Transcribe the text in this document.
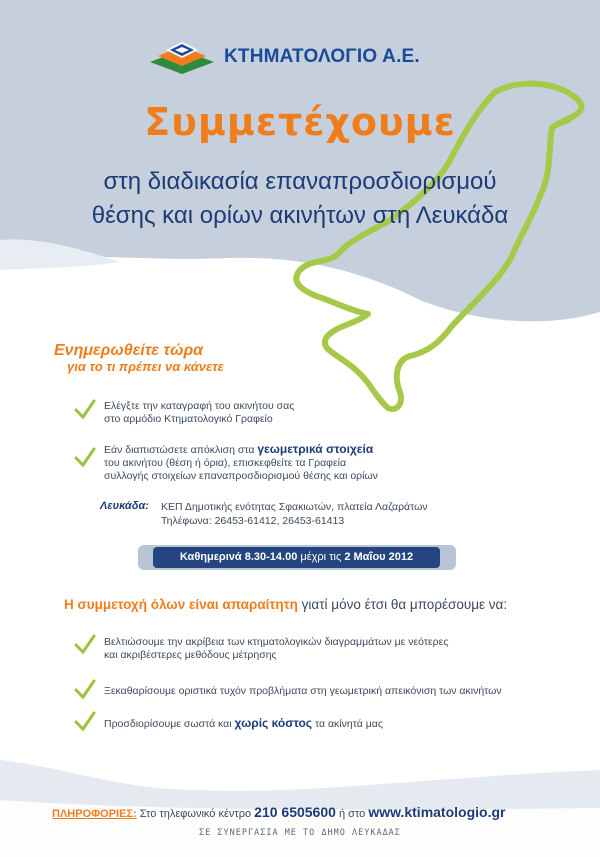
ΚΤΗΜΑΤΟΛΟΓΙΟ Α.Ε.
Συμμετέχουμε
στη διαδικασία επαναπροσδιορισμού
θέσης και ορίων ακινήτων στη Λευκάδα
Ενημερωθείτε τώρα
για το τι πρέπει να κάνετε
Ελέγξτε την καταγραφή του ακινήτου σας
στο αρμόδιο Κτηματολογικό Γραφείο
Εάν διαπιστώσετε απόκλιση στα γεωμετρικά στοιχεία
του ακινήτου (θέση ή όρια), επισκεφθείτε τα Γραφεία
συλλογής στοιχείων επαναπροσδιορισμού θέσης και ορίων
Λευκάδα: ΚΕΠ Δημοτικής ενότητας Σφακιωτών, πλατεία Λαζαράτων
Τηλέφωνα: 26453-61412, 26453-61413
Καθημερινά 8.30-14.00 μέχρι τις 2 Μαΐου 2012
Η συμμετοχή όλων είναι απαραίτητη γιατί μόνο έτσι θα μπορέσουμε να:
Βελτιώσουμε την ακρίβεια των κτηματολογικών διαγραμμάτων με νεότερες
και ακριβέστερες μεθόδους μέτρησης
Ξεκαθαρίσουμε οριστικά τυχόν προβλήματα στη γεωμετρική απεικόνιση των ακινήτων
Προσδιορίσουμε σωστά και χωρίς κόστος τα ακίνητά μας
ΠΛΗΡΟΦΟΡΙΕΣ: Στο τηλεφωνικό κέντρο 210 6505600 ή στο www.ktimatologio.gr
ΣΕ ΣΥΝΕΡΓΑΣΙΑ ΜΕ ΤΟ ΔΗΜΟ ΛΕΥΚΑΔΑΣ
